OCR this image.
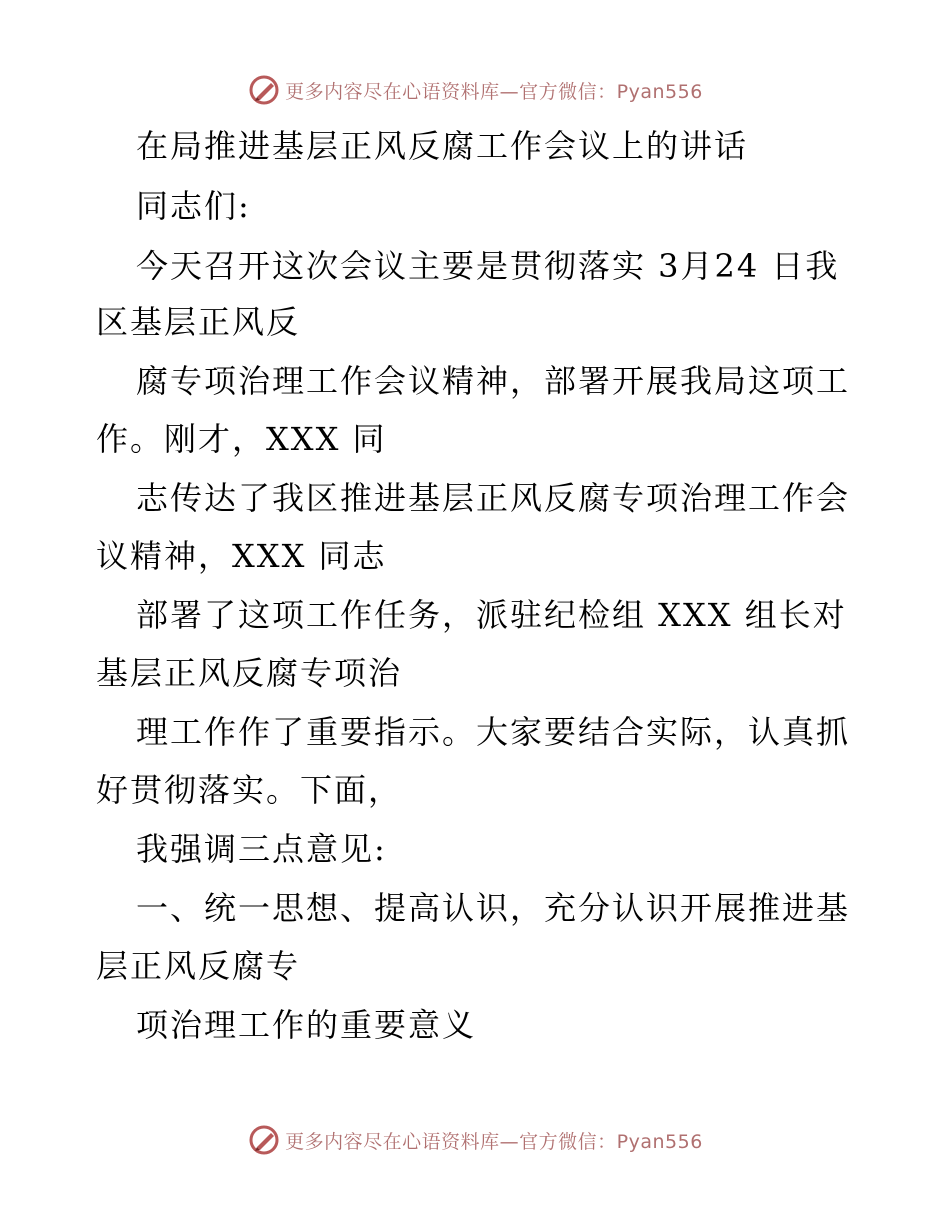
更多内容尽在心语资料库—官方微信：Pyan556
在局推进基层正风反腐工作会议上的讲话
同志们:
今天召开这次会议主要是贯彻落实 3月24 日我
区基层正风反
腐专项治理工作会议精神，部署开展我局这项工
作。刚才，XXX 同
志传达了我区推进基层正风反腐专项治理工作会
议精神，XXX 同志
部署了这项工作任务，派驻纪检组 XXX 组长对
基层正风反腐专项治
理工作作了重要指示。大家要结合实际，认真抓
好贯彻落实。下面，
我强调三点意见:
一、统一思想、提高认识，充分认识开展推进基
层正风反腐专
项治理工作的重要意义
更多内容尽在心语资料库—官方微信：Pyan556
